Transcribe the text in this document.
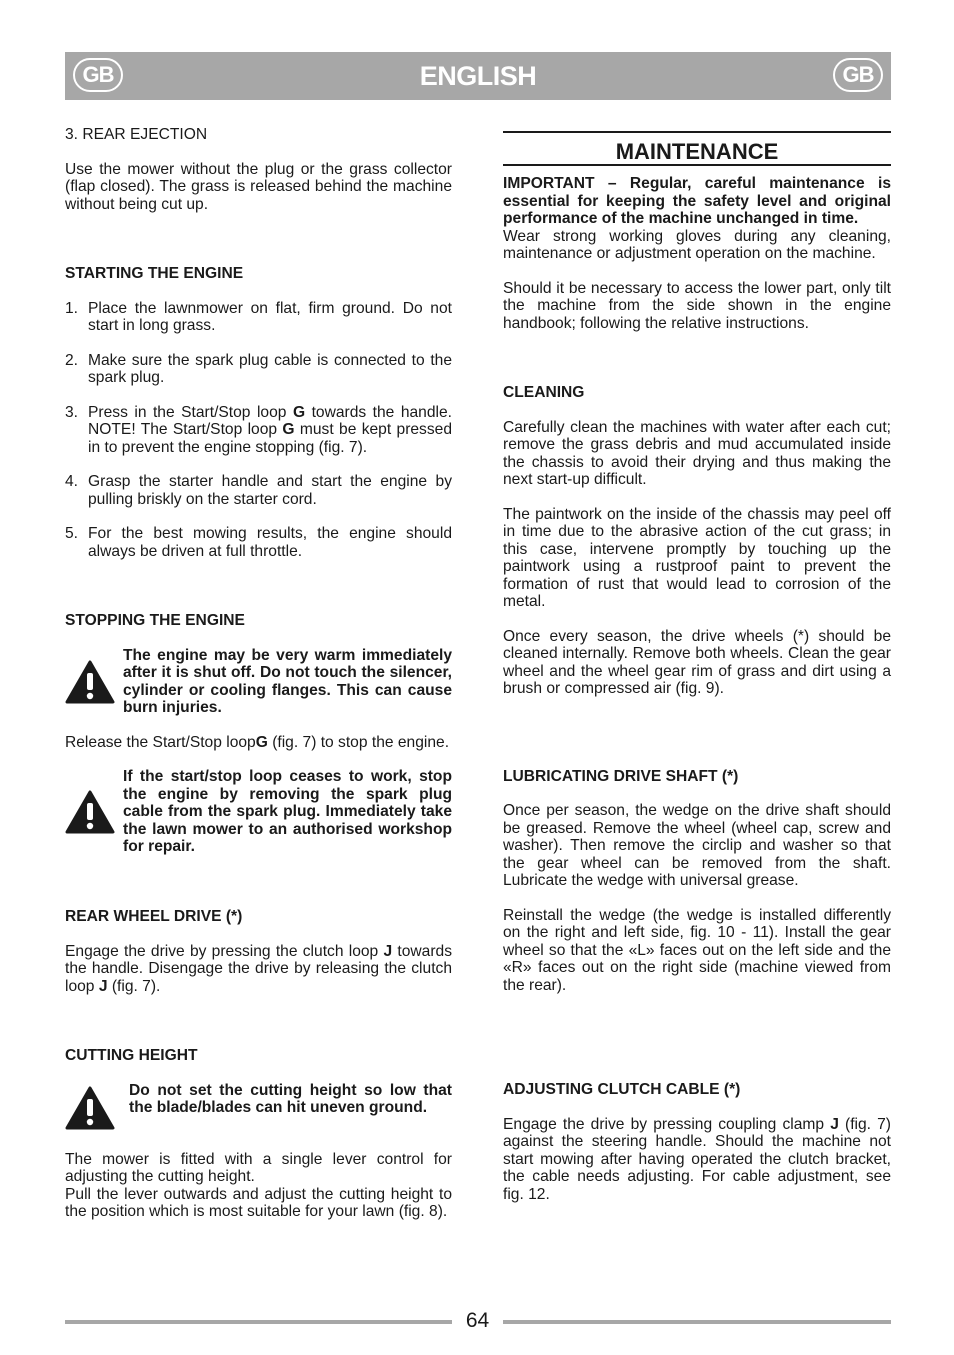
GB	ENGLISH	GB

3. REAR EJECTION

Use the mower without the plug or the grass collector (flap closed). The grass is released behind the machine without being cut up.

STARTING THE ENGINE

1. Place the lawnmower on flat, firm ground. Do not start in long grass.
2. Make sure the spark plug cable is connected to the spark plug.
3. Press in the Start/Stop loop G towards the handle. NOTE! The Start/Stop loop G must be kept pressed in to prevent the engine stopping (fig. 7).
4. Grasp the starter handle and start the engine by pulling briskly on the starter cord.
5. For the best mowing results, the engine should always be driven at full throttle.

STOPPING THE ENGINE

The engine may be very warm immediately after it is shut off. Do not touch the silencer, cylinder or cooling flanges. This can cause burn injuries.

Release the Start/Stop loopG (fig. 7) to stop the engine.

If the start/stop loop ceases to work, stop the engine by removing the spark plug cable from the spark plug. Immediately take the lawn mower to an authorised workshop for repair.

REAR WHEEL DRIVE (*)

Engage the drive by pressing the clutch loop J towards the handle. Disengage the drive by releasing the clutch loop J (fig. 7).

CUTTING HEIGHT

Do not set the cutting height so low that the blade/blades can hit uneven ground.

The mower is fitted with a single lever control for adjusting the cutting height.

Pull the lever outwards and adjust the cutting height to the position which is most suitable for your lawn (fig. 8).

MAINTENANCE

IMPORTANT – Regular, careful maintenance is essential for keeping the safety level and original performance of the machine unchanged in time.

Wear strong working gloves during any cleaning, maintenance or adjustment operation on the machine.

Should it be necessary to access the lower part, only tilt the machine from the side shown in the engine handbook; following the relative instructions.

CLEANING

Carefully clean the machines with water after each cut; remove the grass debris and mud accumulated inside the chassis to avoid their drying and thus making the next start-up difficult.

The paintwork on the inside of the chassis may peel off in time due to the abrasive action of the cut grass; in this case, intervene promptly by touching up the paintwork using a rustproof paint to prevent the formation of rust that would lead to corrosion of the metal.

Once every season, the drive wheels (*) should be cleaned internally. Remove both wheels. Clean the gear wheel and the wheel gear rim of grass and dirt using a brush or compressed air (fig. 9).

LUBRICATING DRIVE SHAFT (*)

Once per season, the wedge on the drive shaft should be greased. Remove the wheel (wheel cap, screw and washer). Then remove the circlip and washer so that the gear wheel can be removed from the shaft. Lubricate the wedge with universal grease.

Reinstall the wedge (the wedge is installed differently on the right and left side, fig. 10 - 11). Install the gear wheel so that the «L» faces out on the left side and the «R» faces out on the right side (machine viewed from the rear).

ADJUSTING CLUTCH CABLE (*)

Engage the drive by pressing coupling clamp J (fig. 7) against the steering handle. Should the machine not start mowing after having operated the clutch bracket, the cable needs adjusting. For cable adjustment, see fig. 12.

64
